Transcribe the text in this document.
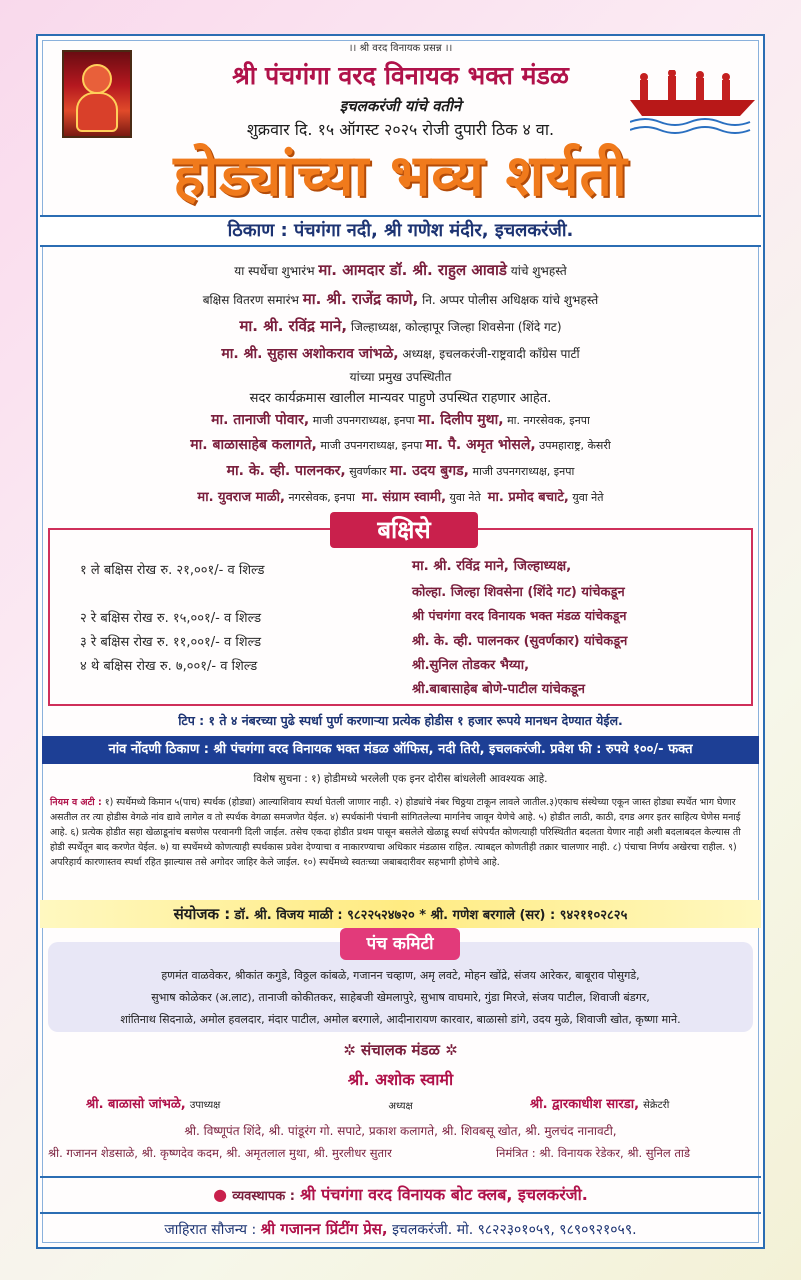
।। श्री वरद विनायक प्रसन्न ।।
श्री पंचगंगा वरद विनायक भक्त मंडळ
इचलकरंजी यांचे वतीने
शुक्रवार दि. १५ ऑगस्ट २०२५ रोजी दुपारी ठिक ४ वा.
होड्यांच्या भव्य शर्यती
ठिकाण : पंचगंगा नदी, श्री गणेश मंदीर, इचलकरंजी.
या स्पर्धेचा शुभारंभ मा. आमदार डॉ. श्री. राहुल आवाडे यांचे शुभहस्ते
बक्षिस वितरण समारंभ मा. श्री. राजेंद्र काणे, नि. अप्पर पोलीस अधिक्षक यांचे शुभहस्ते
मा. श्री. रविंद्र माने, जिल्हाध्यक्ष, कोल्हापूर जिल्हा शिवसेना (शिंदे गट)
मा. श्री. सुहास अशोकराव जांभळे, अध्यक्ष, इचलकरंजी-राष्ट्रवादी कॉंग्रेस पार्टी
यांच्या प्रमुख उपस्थितीत
सदर कार्यक्रमास खालील मान्यवर पाहुणे उपस्थित राहणार आहेत.
मा. तानाजी पोवार, माजी उपनगराध्यक्ष, इनपा मा. दिलीप मुथा, मा. नगरसेवक, इनपा
मा. बाळासाहेब कलागते, माजी उपनगराध्यक्ष, इनपा मा. पै. अमृत भोसले, उपमहाराष्ट्र, केसरी
मा. के. व्ही. पालनकर, सुवर्णकार मा. उदय बुगड, माजी उपनगराध्यक्ष, इनपा
मा. युवराज माळी, नगरसेवक, इनपा मा. संग्राम स्वामी, युवा नेते मा. प्रमोद बचाटे, युवा नेते
बक्षिसे
१ ले बक्षिस रोख रु. २१,००१/- व शिल्ड
२ रे बक्षिस रोख रु. १५,००१/- व शिल्ड
३ रे बक्षिस रोख रु. ११,००१/- व शिल्ड
४ थे बक्षिस रोख रु. ७,००१/- व शिल्ड
मा. श्री. रविंद्र माने, जिल्हाध्यक्ष,
कोल्हा. जिल्हा शिवसेना (शिंदे गट) यांचेकडून
श्री पंचगंगा वरद विनायक भक्त मंडळ यांचेकडून
श्री. के. व्ही. पालनकर (सुवर्णकार) यांचेकडून
श्री.सुनिल तोडकर भैय्या,
श्री.बाबासाहेब बोणे-पाटील यांचेकडून
टिप : १ ते ४ नंबरच्या पुढे स्पर्धा पुर्ण करणाऱ्या प्रत्येक होडीस १ हजार रूपये मानधन देण्यात येईल.
नांव नोंदणी ठिकाण : श्री पंचगंगा वरद विनायक भक्त मंडळ ऑफिस, नदी तिरी, इचलकरंजी. प्रवेश फी : रुपये १००/- फक्त
विशेष सुचना : १) होडीमध्ये भरलेली एक इनर दोरीस बांधलेली आवश्यक आहे.
नियम व अटी : १) स्पर्धेमध्ये किमान ५(पाच) स्पर्धक (होड्या) आल्याशिवाय स्पर्धा घेतली जाणार नाही. २) होड्यांचे नंबर चिठ्ठया टाकून लावले जातील.३)एकाच संस्थेच्या एकून जास्त होड्या स्पर्धेत भाग घेणार असतील तर त्या होडीस वेगळे नांव द्यावे लागेल व तो स्पर्धक वेगळा समजणेत येईल. ४) स्पर्धकांनी पंचानी सांगितलेल्या मार्गानेच जावून येणेचे आहे. ५) होडीत लाठी, काठी, दगड अगर इतर साहित्य घेणेस मनाई आहे. ६) प्रत्येक होडीत सहा खेळाडूनांच बसणेस परवानगी दिली जाईल. तसेच एकदा होडीत प्रथम पासून बसलेले खेळाडू स्पर्धा संपेपर्यंत कोणत्याही परिस्थितीत बदलता येणार नाही अशी बदलाबदल केल्यास ती होडी स्पर्धेतून बाद करणेत येईल. ७) या स्पर्धेमध्ये कोणत्याही स्पर्धकास प्रवेश देण्याचा व नाकारण्याचा अधिकार मंडळास राहिल. त्याबद्दल कोणतीही तक्रार चालणार नाही. ८) पंचाचा निर्णय अखेरचा राहील. ९) अपरिहार्य कारणास्तव स्पर्धा रहित झाल्यास तसे अगोदर जाहिर केले जाईल. १०) स्पर्धेमध्ये स्वतःच्या जबाबदारीवर सहभागी होणेचे आहे.
संयोजक : डॉ. श्री. विजय माळी : ९८२२५२४७२० * श्री. गणेश बरगाले (सर) : ९४२११०२८२५
पंच कमिटी
हणमंत वाळवेकर, श्रीकांत कगुडे, विठ्ठल कांबळे, गजानन चव्हाण, अमृ लवटे, मोहन खोंद्रे, संजय आरेकर, बाबूराव पोसुगडे,
सुभाष कोळेकर (अ.लाट), तानाजी कोकीतकर, साहेबजी खेमलापुरे, सुभाष वाघमारे, गुंडा मिरजे, संजय पाटील, शिवाजी बंडगर,
शांतिनाथ सिदनाळे, अमोल हवलदार, मंदार पाटील, अमोल बरगाले, आदीनारायण कारवार, बाळासो डांगे, उदय मुळे, शिवाजी खोत, कृष्णा माने.
✲ संचालक मंडळ ✲
श्री. अशोक स्वामी
अध्यक्ष
श्री. बाळासो जांभळे, उपाध्यक्ष	श्री. द्वारकाधीश सारडा, सेक्रेटरी
श्री. विष्णूपंत शिंदे, श्री. पांडूरंग गो. सपाटे, प्रकाश कलागते, श्री. शिवबसू खोत, श्री. मुलचंद नानावटी,
श्री. गजानन शेडसाळे, श्री. कृष्णदेव कदम, श्री. अमृतलाल मुथा, श्री. मुरलीधर सुतार	निमंत्रित : श्री. विनायक रेडेकर, श्री. सुनिल ताडे
● व्यवस्थापक : श्री पंचगंगा वरद विनायक बोट क्लब, इचलकरंजी.
जाहिरात सौजन्य : श्री गजानन प्रिंटींग प्रेस, इचलकरंजी. मो. ९८२२३०१०५९, ९८९०९२१०५९.
